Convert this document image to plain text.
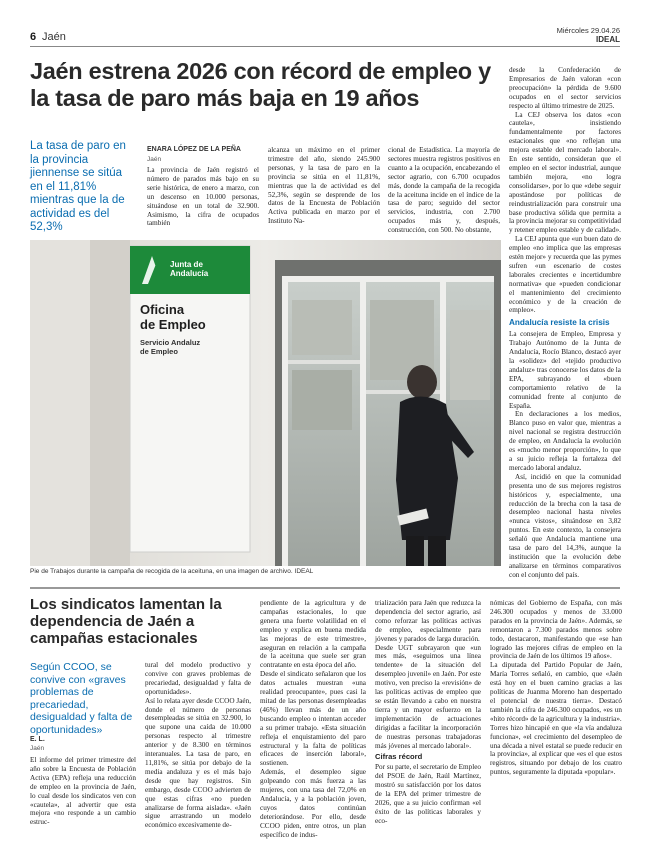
6 Jaén
Miércoles 29.04.26
IDEAL
Jaén estrena 2026 con récord de empleo y la tasa de paro más baja en 19 años
La tasa de paro en la provincia jiennense se sitúa en el 11,81% mientras que la de actividad es del 52,3%
ENARA LÓPEZ DE LA PEÑA
Jaén
La provincia de Jaén registró el número de parados más bajo en su serie histórica, de enero a marzo, con un descenso en 10.000 personas, situándose en un total de 32.900. Asimismo, la cifra de ocupados también
alcanza un máximo en el primer trimestre del año, siendo 245.900 personas, y la tasa de paro en la provincia se sitúa en el 11,81%, mientras que la de actividad es del 52,3%, según se desprende de los datos de la Encuesta de Población Activa publicada en marzo por el Instituto Na-
cional de Estadística. La mayoría de sectores muestra registros positivos en cuanto a la ocupación, encabezando el sector agrario, con 6.700 ocupados más, donde la campaña de la recogida de la aceituna incide en el índice de la tasa de paro; seguido del sector servicios, industria, con 2.700 ocupados más y, después, construcción, con 500. No obstante,
desde la Confederación de Empresarios de Jaén valoran «con preocupación» la pérdida de 9.600 ocupados en el sector servicios respecto al último trimestre de 2025.
La CEJ observa los datos «con cautela», insistiendo fundamentalmente por factores estacionales que «no reflejan una mejora estable del mercado laboral». En este sentido, consideran que el empleo en el sector industrial, aunque también mejora, «no logra consolidarse», por lo que «debe seguir apostándose por políticas de reindustrialización para construir una base productiva sólida que permita a la provincia mejorar su competitividad y retener empleo estable y de calidad».
La CEJ apunta que «un buen dato de empleo «no implica que las empresas estén mejor» y recuerda que las pymes sufren «un escenario de costes laborales crecientes e incertidumbre normativa» que «pueden condicionar el mantenimiento del crecimiento económico y de la creación de empleo».
Andalucía resiste la crisis
La consejera de Empleo, Empresa y Trabajo Autónomo de la Junta de Andalucía, Rocío Blanco, destacó ayer la «solidez» del «tejido productivo andaluz» tras conocerse los datos de la EPA, subrayando el «buen comportamiento relativo de la comunidad frente al conjunto de España.
En declaraciones a los medios, Blanco puso en valor que, mientras a nivel nacional se registra destrucción de empleo, en Andalucía la evolución es «mucho menor proporción», lo que a su juicio refleja la fortaleza del mercado laboral andaluz.
Así, incidió en que la comunidad presenta uno de sus mejores registros históricos y, especialmente, una reducción de la brecha con la tasa de desempleo nacional hasta niveles «nunca vistos», situándose en 3,82 puntos. En este contexto, la consejera señaló que Andalucía mantiene una tasa de paro del 14,3%, aunque la institución que la evolución debe analizarse en términos comparativos con el conjunto del país.
Junta de Andalucía
Oficina
de Empleo
Servicio Andaluz
de Empleo
Pie de Trabajos durante la campaña de recogida de la aceituna, en una imagen de archivo. IDEAL
Los sindicatos lamentan la dependencia de Jaén a campañas estacionales
Según CCOO, se convive con «graves problemas de precariedad, desigualdad y falta de oportunidades»
E. L.
Jaén
El informe del primer trimestre del año sobre la Encuesta de Población Activa (EPA) refleja una reducción de empleo en la provincia de Jaén, lo cual desde los sindicatos ven con «cautela», al advertir que esta mejora «no responde a un cambio estruc-
tural del modelo productivo y convive con graves problemas de precariedad, desigualdad y falta de oportunidades».
Así lo relata ayer desde CCOO Jaén, donde el número de personas desempleadas se sitúa en 32.900, lo que supone una caída de 10.000 personas respecto al trimestre anterior y de 8.300 en términos interanuales. La tasa de paro, en 11,81%, se sitúa por debajo de la media andaluza y es el más bajo desde que hay registros. Sin embargo, desde CCOO advierten de que estas cifras «no pueden analizarse de forma aislada». «Jaén sigue arrastrando un modelo económico excesivamente de-
pendiente de la agricultura y de campañas estacionales, lo que genera una fuerte volatilidad en el empleo y explica en buena medida las mejoras de este trimestre», aseguran en relación a la campaña de la aceituna que suele ser gran contratante en esta época del año.
Desde el sindicato señalaron que los datos actuales muestran «una realidad preocupante», pues casi la mitad de las personas desempleadas (46%) llevan más de un año buscando empleo o intentan acceder a su primer trabajo. «Esta situación refleja el enquistamiento del paro estructural y la falta de políticas eficaces de inserción laboral», sostienen.
Además, el desempleo sigue golpeando con más fuerza a las mujeres, con una tasa del 72,0% en Andalucía, y a la población joven, cuyos datos continúan deteriorándose. Por ello, desde CCOO piden, entre otros, un plan específico de indus-
trialización para Jaén que reduzca la dependencia del sector agrario, así como reforzar las políticas activas de empleo, especialmente para jóvenes y parados de larga duración.
Desde UGT subrayaron que «un mes más, «seguimos una línea tendente» de la situación del desempleo juvenil» en Jaén. Por este motivo, ven preciso la «revisión» de las políticas activas de empleo que se están llevando a cabo en nuestra tierra y un mayor esfuerzo en la implementación de actuaciones dirigidas a facilitar la incorporación de nuestras personas trabajadoras más jóvenes al mercado laboral».
Cifras récord
Por su parte, el secretario de Empleo del PSOE de Jaén, Raúl Martínez, mostró su satisfacción por los datos de la EPA del primer trimestre de 2026, que a su juicio confirman «el éxito de las políticas laborales y eco-
nómicas del Gobierno de España, con más 246.300 ocupados y menos de 33.000 parados en la provincia de Jaén». Además, se remontaron a 7.300 parados menos sobre todo, destacaron, manifestando que «se han logrado las mejores cifras de empleo en la provincia de Jaén de los últimos 19 años».
La diputada del Partido Popular de Jaén, María Torres señaló, en cambio, que «Jaén está hoy en el buen camino gracias a las políticas de Juanma Moreno han despertado el potencial de nuestra tierra». Destacó también la cifra de 246.300 ocupados, «es un «hito récord» de la agricultura y la industria».
Torres hizo hincapié en que «la vía andaluza funciona», «el crecimiento del desempleo de una década a nivel estatal se puede reducir en la provincia», al explicar que «es el que estos registros, situando por debajo de los cuatro puntos, seguramente la diputada «popular».
